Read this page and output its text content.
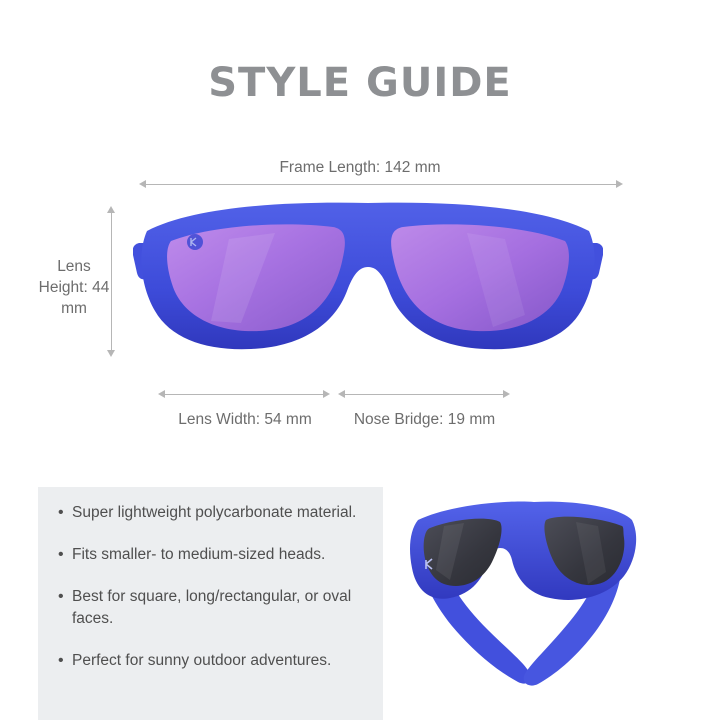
STYLE GUIDE
Frame Length: 142 mm
Lens Height: 44 mm
Lens Width: 54 mm	Nose Bridge: 19 mm
• Super lightweight polycarbonate material.
• Fits smaller- to medium-sized heads.
• Best for square, long/rectangular, or oval faces.
• Perfect for sunny outdoor adventures.
